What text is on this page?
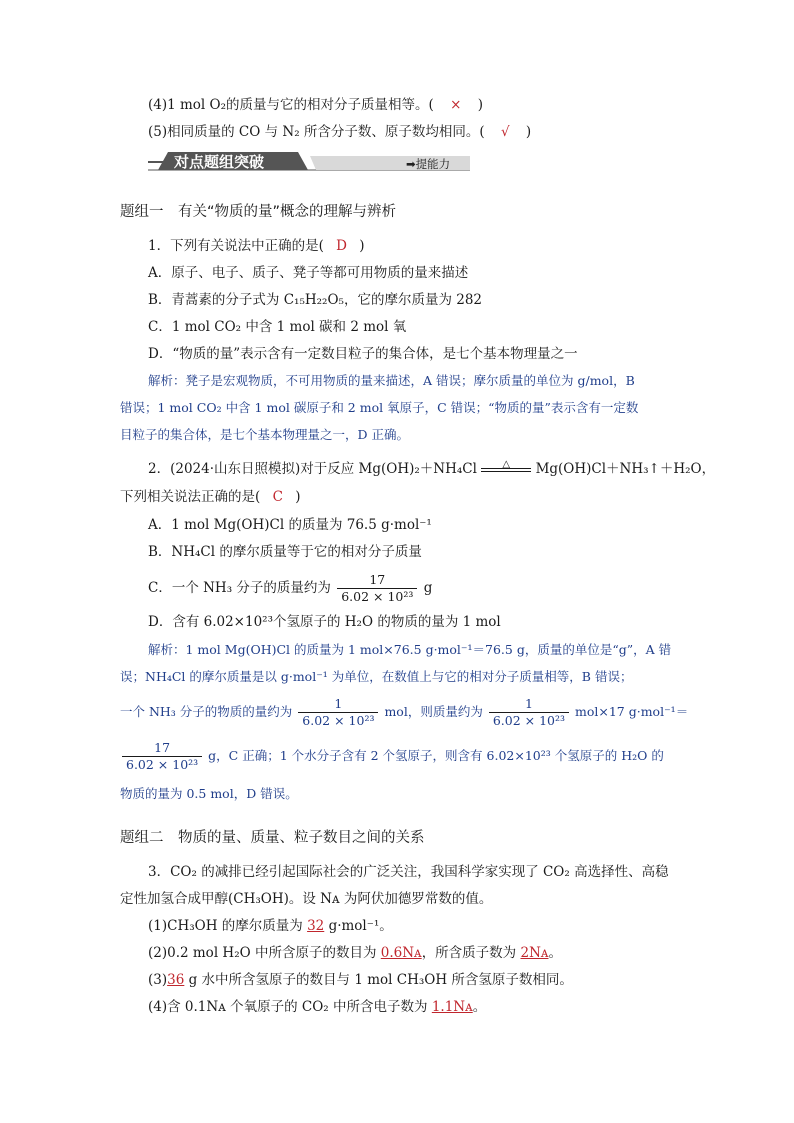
(4)1 mol O₂的质量与它的相对分子质量相等。( × )
(5)相同质量的 CO 与 N₂ 所含分子数、原子数均相同。( √ )
对点题组突破	➡提能力
题组一　有关“物质的量”概念的理解与辨析
1．下列有关说法中正确的是( D )
A．原子、电子、质子、凳子等都可用物质的量来描述
B．青蒿素的分子式为 C₁₅H₂₂O₅，它的摩尔质量为 282
C．1 mol CO₂ 中含 1 mol 碳和 2 mol 氧
D．“物质的量”表示含有一定数目粒子的集合体，是七个基本物理量之一
解析：凳子是宏观物质，不可用物质的量来描述，A 错误；摩尔质量的单位为 g/mol，B
错误；1 mol CO₂ 中含 1 mol 碳原子和 2 mol 氧原子，C 错误；“物质的量”表示含有一定数
目粒子的集合体，是七个基本物理量之一，D 正确。
2．(2024·山东日照模拟)对于反应 Mg(OH)₂＋NH₄Cl	△	Mg(OH)Cl＋NH₃↑＋H₂O，
下列相关说法正确的是( C )
A．1 mol Mg(OH)Cl 的质量为 76.5 g·mol⁻¹
B．NH₄Cl 的摩尔质量等于它的相对分子质量
C．一个 NH₃ 分子的质量约为 $\frac{17}{\text{6.02 × 10²³}}$ g
D．含有 6.02×10²³个氢原子的 H₂O 的物质的量为 1 mol
解析：1 mol Mg(OH)Cl 的质量为 1 mol×76.5 g·mol⁻¹＝76.5 g，质量的单位是“g”，A 错
误；NH₄Cl 的摩尔质量是以 g·mol⁻¹ 为单位，在数值上与它的相对分子质量相等，B 错误；
一个 NH₃ 分子的物质的量约为 $\frac{1}{\text{6.02 × 10²³}}$ mol，则质量约为 $\frac{1}{\text{6.02 × 10²³}} mol\times 17$ g·mol⁻¹＝
$\frac{17}{\text{6.02 × 10²³}}$ g，C 正确；1 个水分子含有 2 个氢原子，则含有 6.02×10²³ 个氢原子的 H₂O 的
物质的量为 0.5 mol，D 错误。
题组二　物质的量、质量、粒子数目之间的关系
3．CO₂ 的减排已经引起国际社会的广泛关注，我国科学家实现了 CO₂ 高选择性、高稳
定性加氢合成甲醇(CH₃OH)。设 Nᴀ 为阿伏加德罗常数的值。
(1)CH₃OH 的摩尔质量为 32 g·mol⁻¹。
(2)0.2 mol H₂O 中所含原子的数目为 0.6Nᴀ，所含质子数为 2Nᴀ。
(3)36 g 水中所含氢原子的数目与 1 mol CH₃OH 所含氢原子数相同。
(4)含 0.1Nᴀ 个氧原子的 CO₂ 中所含电子数为 1.1Nᴀ。
